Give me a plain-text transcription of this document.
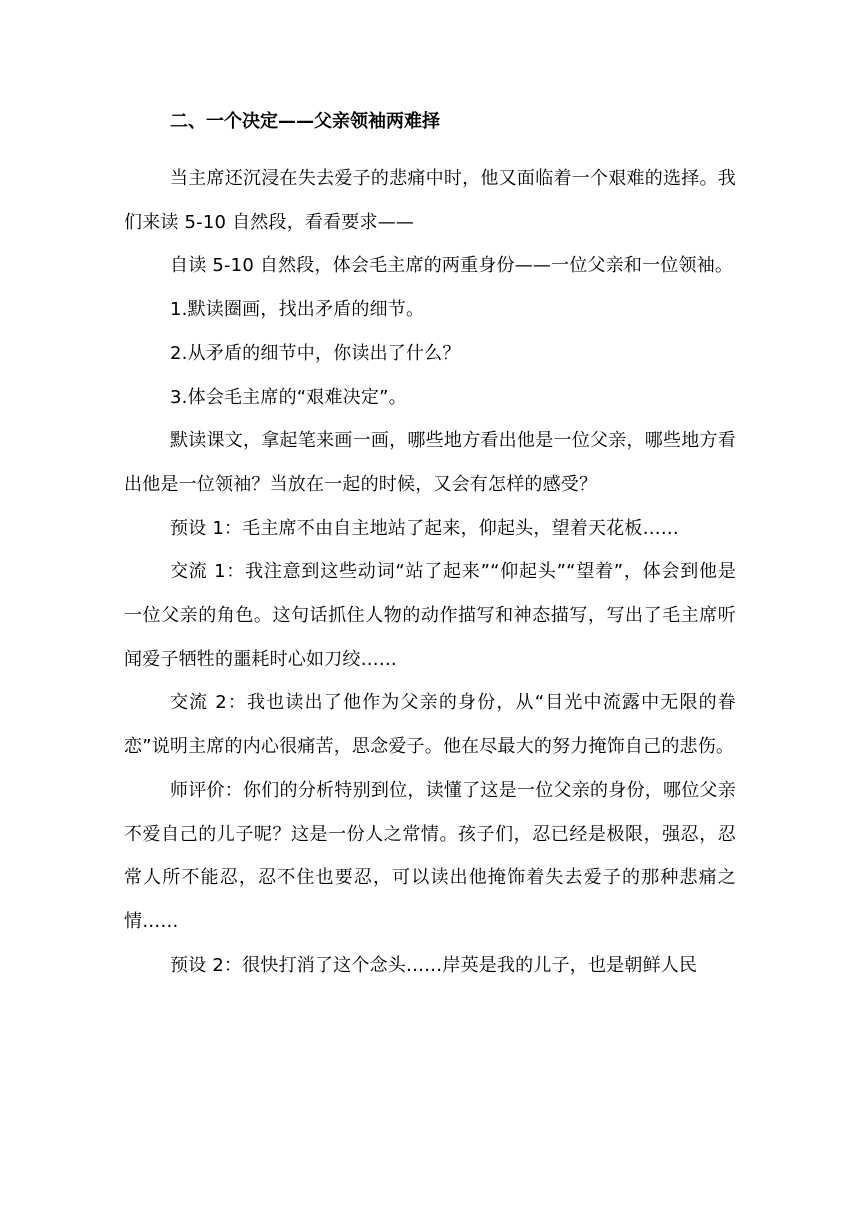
二、一个决定——父亲领袖两难择

当主席还沉浸在失去爱子的悲痛中时，他又面临着一个艰难的选择。我们来读 5-10 自然段，看看要求——

自读 5-10 自然段，体会毛主席的两重身份——一位父亲和一位领袖。

1.默读圈画，找出矛盾的细节。

2.从矛盾的细节中，你读出了什么？

3.体会毛主席的“艰难决定”。

默读课文，拿起笔来画一画，哪些地方看出他是一位父亲，哪些地方看出他是一位领袖？当放在一起的时候，又会有怎样的感受？

预设 1：毛主席不由自主地站了起来，仰起头，望着天花板……

交流 1：我注意到这些动词“站了起来”“仰起头”“望着”，体会到他是一位父亲的角色。这句话抓住人物的动作描写和神态描写，写出了毛主席听闻爱子牺牲的噩耗时心如刀绞……

交流 2：我也读出了他作为父亲的身份，从“目光中流露中无限的眷恋”说明主席的内心很痛苦，思念爱子。他在尽最大的努力掩饰自己的悲伤。

师评价：你们的分析特别到位，读懂了这是一位父亲的身份，哪位父亲不爱自己的儿子呢？这是一份人之常情。孩子们，忍已经是极限，强忍，忍常人所不能忍，忍不住也要忍，可以读出他掩饰着失去爱子的那种悲痛之情……

预设 2：很快打消了这个念头……岸英是我的儿子，也是朝鲜人民
